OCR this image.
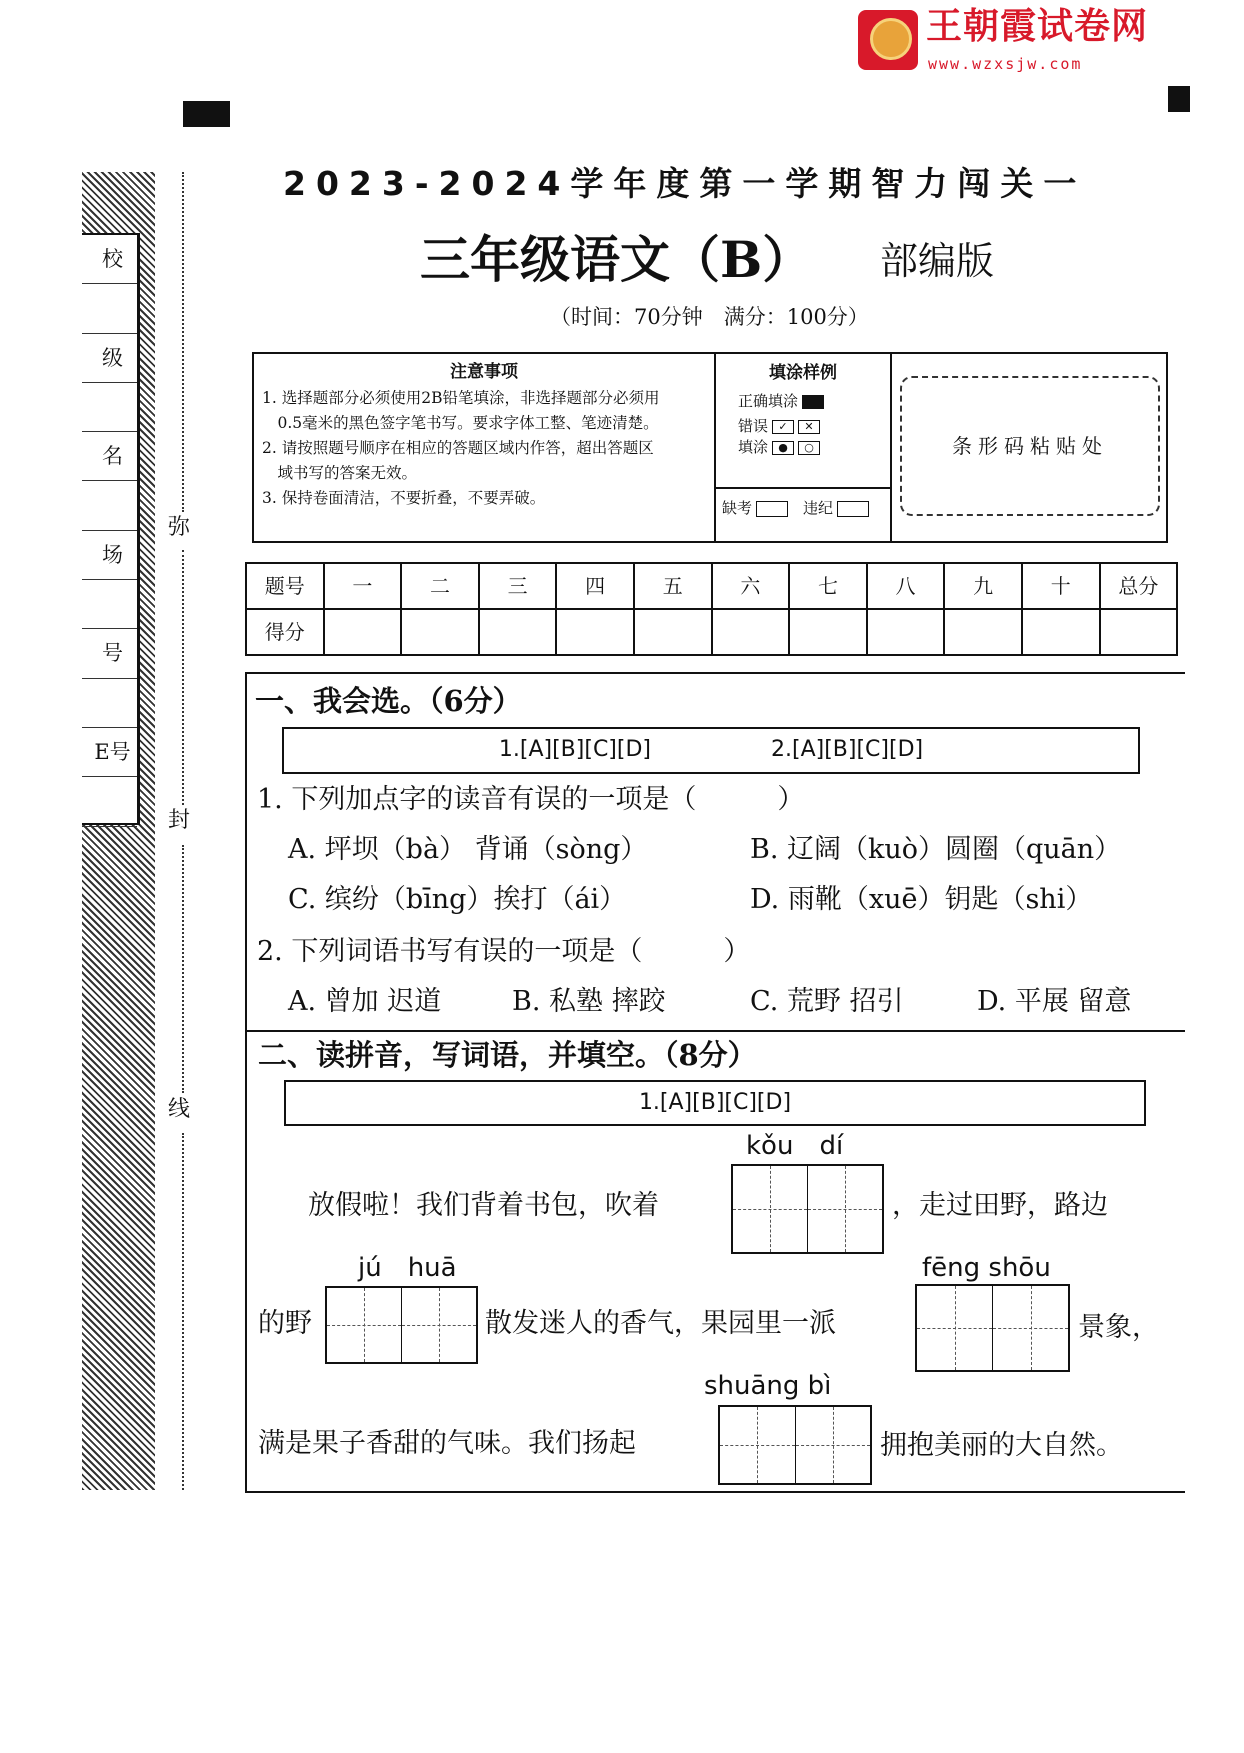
王朝霞试卷网
www.wzxsjw.com
校
级
名
场
号
E号
弥
封
线
2023-2024学年度第一学期智力闯关一
三年级语文（B） 部编版
（时间：70分钟　满分：100分）
注意事项
1. 选择题部分必须使用2B铅笔填涂，非选择题部分必须用
　0.5毫米的黑色签字笔书写。要求字体工整、笔迹清楚。
2. 请按照题号顺序在相应的答题区域内作答，超出答题区
　域书写的答案无效。
3. 保持卷面清洁，不要折叠，不要弄破。
填涂样例
正确填涂
错误 ✓ ✕
填涂 ● ○
缺考　	违纪
条形码粘贴处
题号	一	二	三	四	五	六	七	八	九	十	总分
得分											
一、我会选。（6分）
1.[A][B][C][D]	2.[A][B][C][D]
1. 下列加点字的读音有误的一项是（　　　）
A. 坪坝（bà） 背诵（sòng）	B. 辽阔（kuò）圆圈（quān）
C. 缤纷（bīng）挨打（ái）	D. 雨靴（xuē）钥匙（shi）
2. 下列词语书写有误的一项是（　　　）
A. 曾加 迟道	B. 私塾 摔跤	C. 荒野 招引	D. 平展 留意
二、读拼音，写词语，并填空。（8分）
1.[A][B][C][D]
kǒu　dí
放假啦！我们背着书包，吹着	，走过田野，路边
jú　huā	fēng shōu
的野	散发迷人的香气，果园里一派	景象，
shuāng bì
满是果子香甜的气味。我们扬起	拥抱美丽的大自然。
